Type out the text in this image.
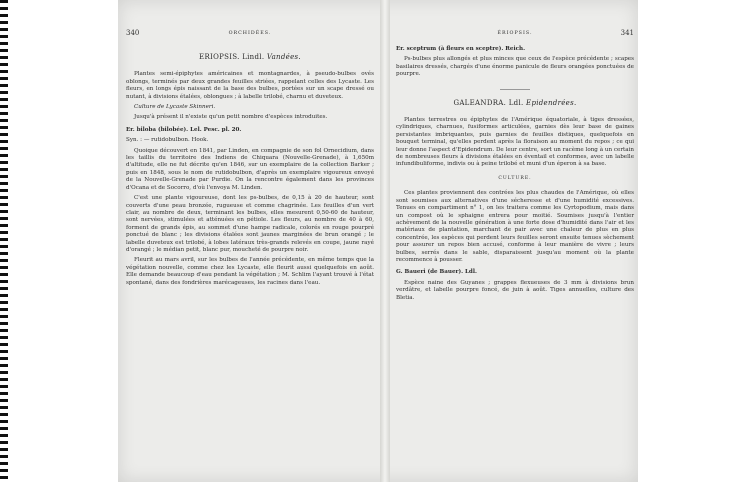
340	ORCHIDÉES.
ERIOPSIS. Lindl. Vandées.

Plantes semi-épiphytes américaines et montagnardes, à pseudo-bulbes ovés oblongs, terminés par deux grandes feuilles striées, rappelant celles des Lycaste. Les fleurs, en longs épis naissant de la base des bulbes, portées sur un scape dressé ou nutant, à divisions étalées, oblongues ; à labelle trilobé, charnu et duveteux.

Culture de Lycaste Skinneri.

Jusqu'à présent il n'existe qu'un petit nombre d'espèces introduites.

Er. biloba (bilobée). Lel. Pesc. pl. 20.

Syn. : — rutidobulbon. Hook.

Quoique découvert en 1841, par Linden, en compagnie de son fol Ornecidium, dans les taillis du territoire des Indiens de Chiquara (Nouvelle-Grenade), à 1,650m d'altitude, elle ne fut décrite qu'en 1846, sur un exemplaire de la collection Barker ; puis en 1848, sous le nom de rutidobulbon, d'après un exemplaire vigoureux envoyé de la Nouvelle-Grenade par Purdie. On la rencontre également dans les provinces d'Ocana et de Socorro, d'où l'envoya M. Linden.

C'est une plante vigoureuse, dont les ps-bulbes, de 0,15 à 20 de hauteur, sont couverts d'une peau bronzée, rugueuse et comme chagrinée. Les feuilles d'un vert clair, au nombre de deux, terminant les bulbes, elles mesurent 0,50-60 de hauteur, sont nervées, stimulées et atténuées en pétiole. Les fleurs, au nombre de 40 à 60, forment de grands épis, au sommet d'une hampe radicale, colorés en rouge pourpré ponctué de blanc ; les divisions étalées sont jaunes marginées de brun orangé ; le labelle duveteux est trilobé, à lobes latéraux très-grands relevés en coupe, jaune rayé d'orangé ; le médian petit, blanc pur, moucheté de pourpre noir.

Fleurit au mars avril, sur les bulbes de l'année précédente, en même temps que la végétation nouvelle, comme chez les Lycaste, elle fleurit aussi quelquefois en août. Elle demande beaucoup d'eau pendant la végétation ; M. Schlim l'ayant trouvé à l'état spontané, dans des fondrières marécageuses, les racines dans l'eau.

ÉRIOPSIS.	341

Er. sceptrum (à fleurs en sceptre). Reich.

Ps-bulbes plus allongés et plus minces que ceux de l'espèce précédente ; scapes basilaires dressés, chargés d'une énorme panicule de fleurs orangées ponctuées de pourpre.

GALEANDRA. Ldl. Epidendrées.

Plantes terrestres ou épiphytes de l'Amérique équatoriale, à tiges dressées, cylindriques, charnues, fusiformes articulées, garnies dès leur base de gaines persistantes imbriquantes, puis garnies de feuilles distiques, quelquefois en bouquet terminal, qu'elles perdent après la floraison au moment du repos ; ce qui leur donne l'aspect d'Epidendrum. De leur centre, sort un racème long à un certain de nombreuses fleurs à divisions étalées en éventail et conformes, avec un labelle infundibuliforme, indivis ou à peine trilobé et muni d'un éperon à sa base.

CULTURE.

Ces plantes proviennent des contrées les plus chaudes de l'Amérique, où elles sont soumises aux alternatives d'une sécheresse et d'une humidité excessives. Tenues en compartiment n° 1, on les traitera comme les Cyrtopodium, mais dans un compost où le sphaigne entrera pour moitié. Soumises jusqu'à l'entier achèvement de la nouvelle génération à une forte dose d'humidité dans l'air et les matériaux de plantation, marchant de pair avec une chaleur de plus en plus concentrée, les espèces qui perdent leurs feuilles seront ensuite tenues sèchement pour assurer un repos bien accusé, conforme à leur manière de vivre ; leurs bulbes, serrés dans le sable, disparaissent jusqu'au moment où la plante recommence à pousser.

G. Baueri (de Bauer). Ldl.

Espèce naine des Guyanes ; grappes flexueuses de 3 mm à divisions brun verdâtre, et labelle pourpre foncé, de juin à août. Tiges annuelles, culture des Bletia.
